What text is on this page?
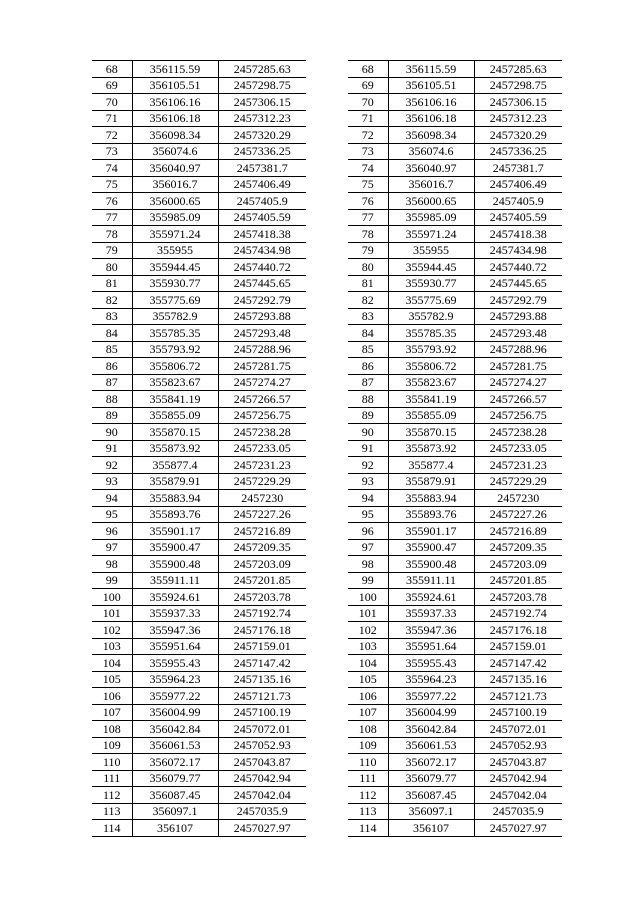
68	356115.59	2457285.63
69	356105.51	2457298.75
70	356106.16	2457306.15
71	356106.18	2457312.23
72	356098.34	2457320.29
73	356074.6	2457336.25
74	356040.97	2457381.7
75	356016.7	2457406.49
76	356000.65	2457405.9
77	355985.09	2457405.59
78	355971.24	2457418.38
79	355955	2457434.98
80	355944.45	2457440.72
81	355930.77	2457445.65
82	355775.69	2457292.79
83	355782.9	2457293.88
84	355785.35	2457293.48
85	355793.92	2457288.96
86	355806.72	2457281.75
87	355823.67	2457274.27
88	355841.19	2457266.57
89	355855.09	2457256.75
90	355870.15	2457238.28
91	355873.92	2457233.05
92	355877.4	2457231.23
93	355879.91	2457229.29
94	355883.94	2457230
95	355893.76	2457227.26
96	355901.17	2457216.89
97	355900.47	2457209.35
98	355900.48	2457203.09
99	355911.11	2457201.85
100	355924.61	2457203.78
101	355937.33	2457192.74
102	355947.36	2457176.18
103	355951.64	2457159.01
104	355955.43	2457147.42
105	355964.23	2457135.16
106	355977.22	2457121.73
107	356004.99	2457100.19
108	356042.84	2457072.01
109	356061.53	2457052.93
110	356072.17	2457043.87
111	356079.77	2457042.94
112	356087.45	2457042.04
113	356097.1	2457035.9
114	356107	2457027.97
68	356115.59	2457285.63
69	356105.51	2457298.75
70	356106.16	2457306.15
71	356106.18	2457312.23
72	356098.34	2457320.29
73	356074.6	2457336.25
74	356040.97	2457381.7
75	356016.7	2457406.49
76	356000.65	2457405.9
77	355985.09	2457405.59
78	355971.24	2457418.38
79	355955	2457434.98
80	355944.45	2457440.72
81	355930.77	2457445.65
82	355775.69	2457292.79
83	355782.9	2457293.88
84	355785.35	2457293.48
85	355793.92	2457288.96
86	355806.72	2457281.75
87	355823.67	2457274.27
88	355841.19	2457266.57
89	355855.09	2457256.75
90	355870.15	2457238.28
91	355873.92	2457233.05
92	355877.4	2457231.23
93	355879.91	2457229.29
94	355883.94	2457230
95	355893.76	2457227.26
96	355901.17	2457216.89
97	355900.47	2457209.35
98	355900.48	2457203.09
99	355911.11	2457201.85
100	355924.61	2457203.78
101	355937.33	2457192.74
102	355947.36	2457176.18
103	355951.64	2457159.01
104	355955.43	2457147.42
105	355964.23	2457135.16
106	355977.22	2457121.73
107	356004.99	2457100.19
108	356042.84	2457072.01
109	356061.53	2457052.93
110	356072.17	2457043.87
111	356079.77	2457042.94
112	356087.45	2457042.04
113	356097.1	2457035.9
114	356107	2457027.97
